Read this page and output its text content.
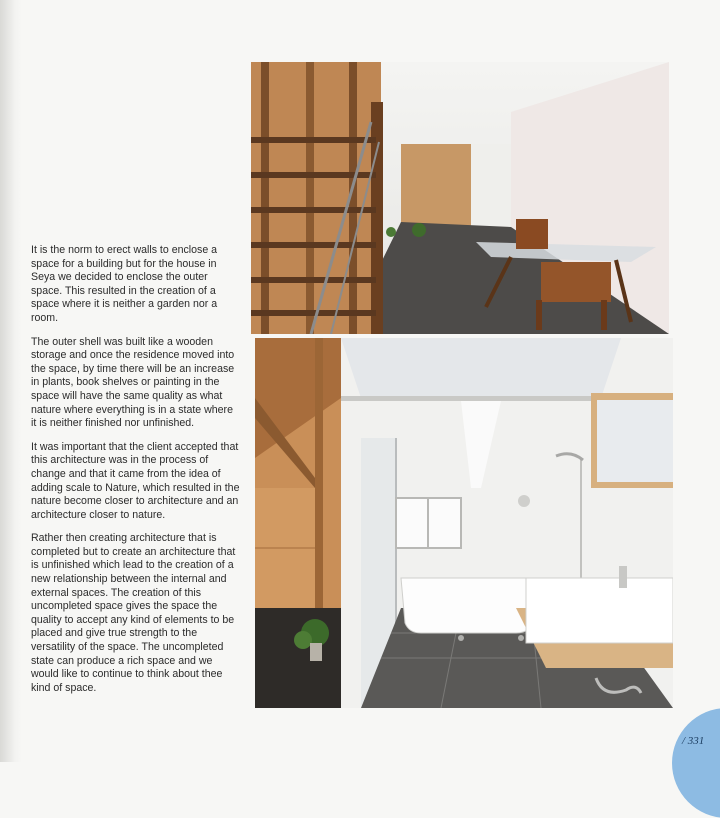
It is the norm to erect walls to enclose a space for a building but for the house in Seya we decided to enclose the outer space. This resulted in the creation of a space where it is neither a garden nor a room.

The outer shell was built like a wooden storage and once the residence moved into the space, by time there will be an increase in plants, book shelves or painting in the space will have the same quality as what nature where everything is in a state where it is neither finished nor unfinished.

It was important that the client accepted that this architecture was in the process of change and that it came from the idea of adding scale to Nature, which resulted in the nature become closer to architecture and an architecture closer to nature.

Rather then creating architecture that is completed but to create an architecture that is unfinished which lead to the creation of a new relationship between the internal and external spaces. The creation of this uncompleted space gives the space the quality to accept any kind of elements to be placed and give true strength to the versatility of the space. The uncompleted state can produce a rich space and we would like to continue to think about thee kind of space.

/ 331
